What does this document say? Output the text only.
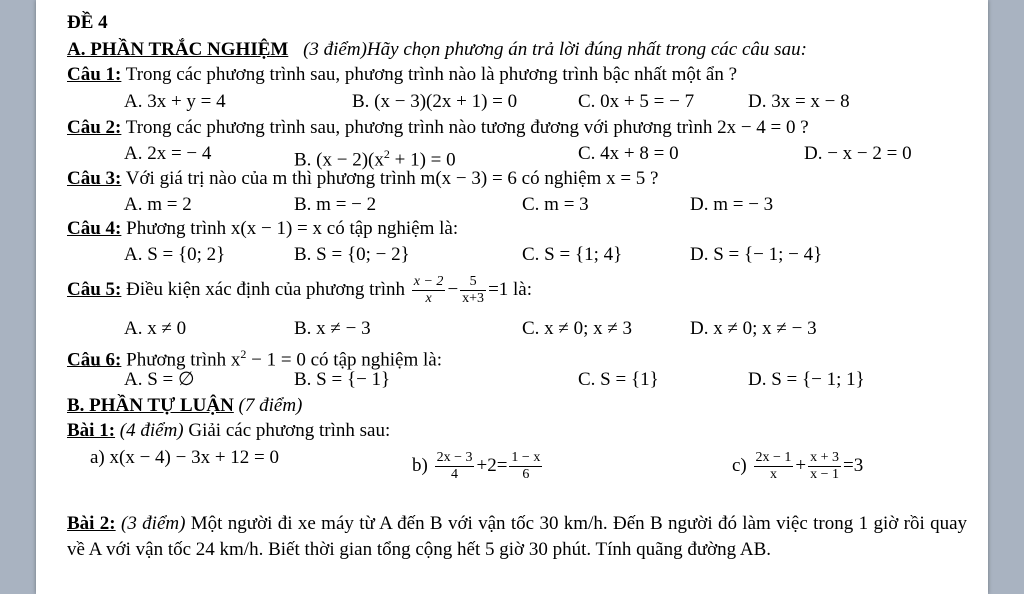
ĐỀ 4
A. PHẦN TRẮC NGHIỆM (3 điểm)Hãy chọn phương án trả lời đúng nhất trong các câu sau:
Câu 1: Trong các phương trình sau, phương trình nào là phương trình bậc nhất một ẩn ?
A. 3x + y = 4	B. (x − 3)(2x + 1) = 0	C. 0x + 5 = − 7	D. 3x = x − 8
Câu 2: Trong các phương trình sau, phương trình nào tương đương với phương trình 2x − 4 = 0 ?
A. 2x = − 4	B. $(x - 2)(x^2 + 1) = 0$	C. 4x + 8 = 0	D. − x − 2 = 0
Câu 3: Với giá trị nào của m thì phương trình m(x − 3) = 6 có nghiệm x = 5 ?
A. m = 2	B. m = − 2	C. m = 3	D. m = − 3
Câu 4: Phương trình x(x − 1) = x có tập nghiệm là:
A. S = {0; 2}	B. S = {0; − 2}	C. S = {1; 4}	D. S = {− 1; − 4}
Câu 5: Điều kiện xác định của phương trình $\frac{x - 2}{x} - \frac{5}{x+3} =1$ là:
A. x ≠ 0	B. x ≠ − 3	C. x ≠ 0; x ≠ 3	D. x ≠ 0; x ≠ − 3
Câu 6: Phương trình $x^2 - 1 = 0$ có tập nghiệm là:
A. S = ∅	B. S = {− 1}	C. S = {1}	D. S = {− 1; 1}
B. PHẦN TỰ LUẬN (7 điểm)
Bài 1: (4 điểm) Giải các phương trình sau:
a) x(x − 4) − 3x + 12 = 0	$b) \frac{2x - 3}{4} +2= \frac{1 - x}{6}$	$c) \frac{2x - 1}{x} + \frac{x + 3}{x - 1} =3$
Bài 2: (3 điểm) Một người đi xe máy từ A đến B với vận tốc 30 km/h. Đến B người đó làm việc trong 1 giờ rồi quay về A với vận tốc 24 km/h. Biết thời gian tổng cộng hết 5 giờ 30 phút. Tính quãng đường AB.
